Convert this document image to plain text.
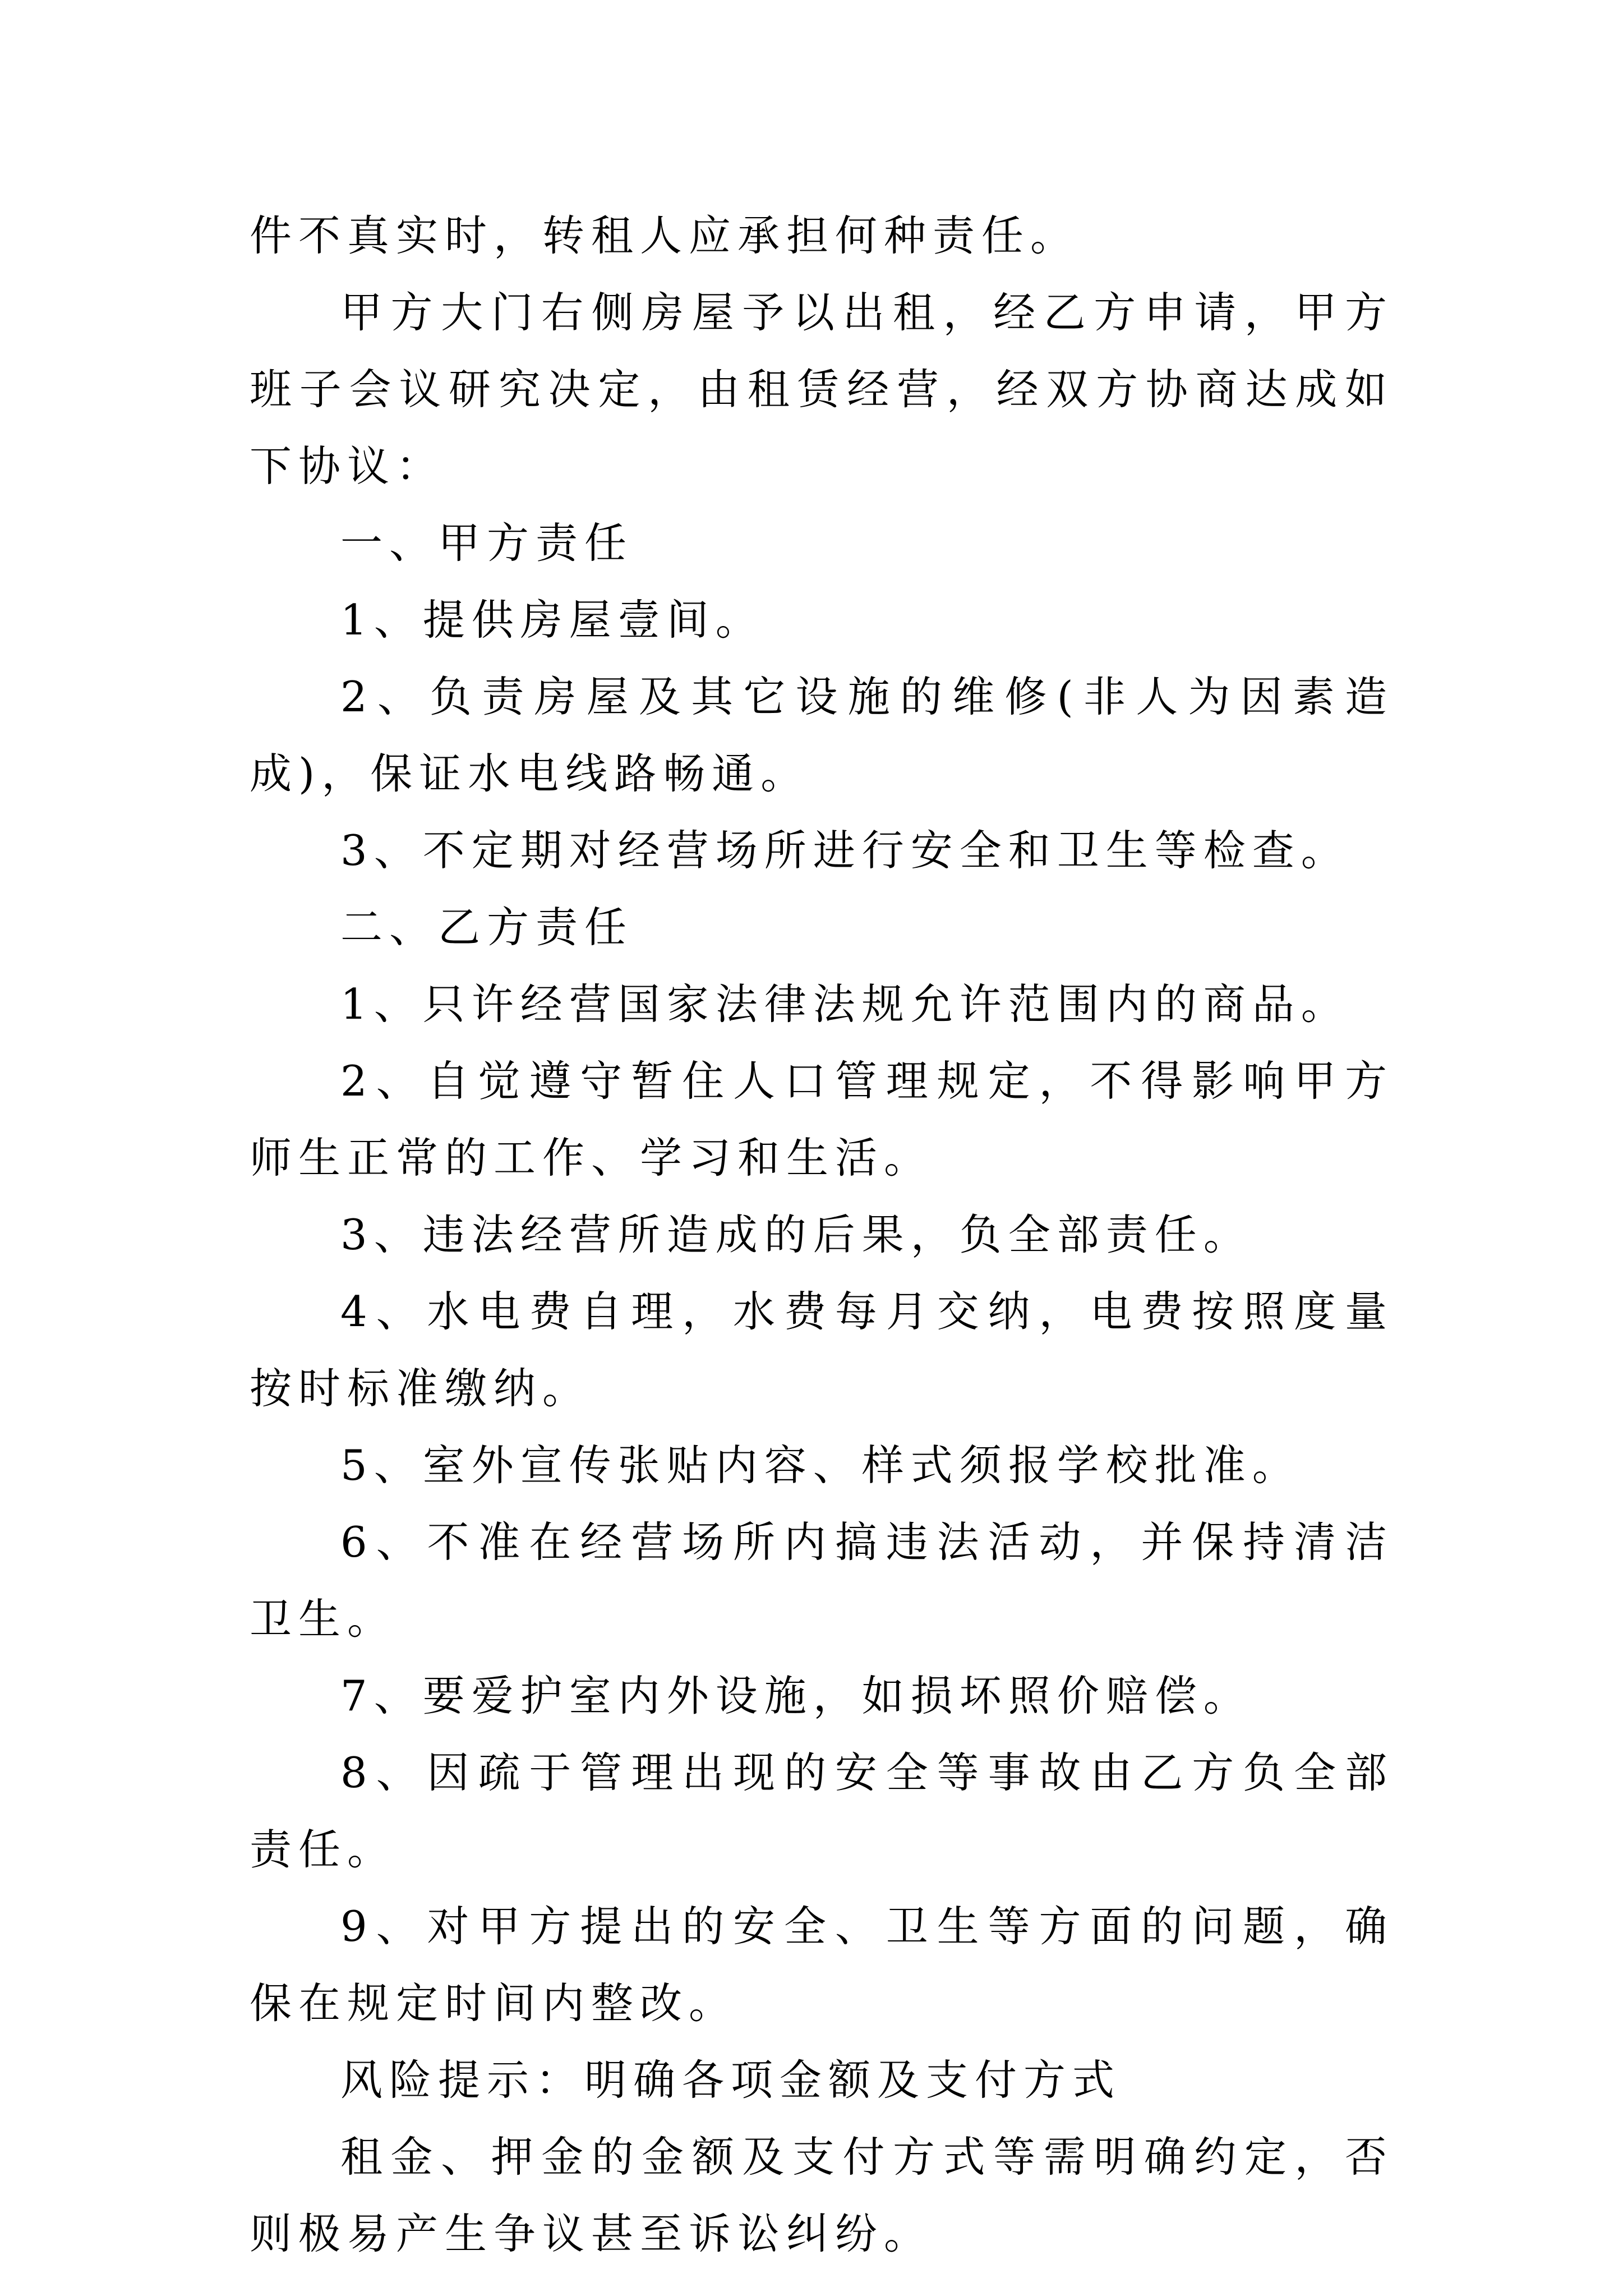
件不真实时，转租人应承担何种责任。

甲方大门右侧房屋予以出租，经乙方申请，甲方班子会议研究决定，由租赁经营，经双方协商达成如下协议：

一、甲方责任

1、提供房屋壹间。

2、负责房屋及其它设施的维修(非人为因素造成)，保证水电线路畅通。

3、不定期对经营场所进行安全和卫生等检查。

二、乙方责任

1、只许经营国家法律法规允许范围内的商品。

2、自觉遵守暂住人口管理规定，不得影响甲方师生正常的工作、学习和生活。

3、违法经营所造成的后果，负全部责任。

4、水电费自理，水费每月交纳，电费按照度量按时标准缴纳。

5、室外宣传张贴内容、样式须报学校批准。

6、不准在经营场所内搞违法活动，并保持清洁卫生。

7、要爱护室内外设施，如损坏照价赔偿。

8、因疏于管理出现的安全等事故由乙方负全部责任。

9、对甲方提出的安全、卫生等方面的问题，确保在规定时间内整改。

风险提示：明确各项金额及支付方式

租金、押金的金额及支付方式等需明确约定，否则极易产生争议甚至诉讼纠纷。
